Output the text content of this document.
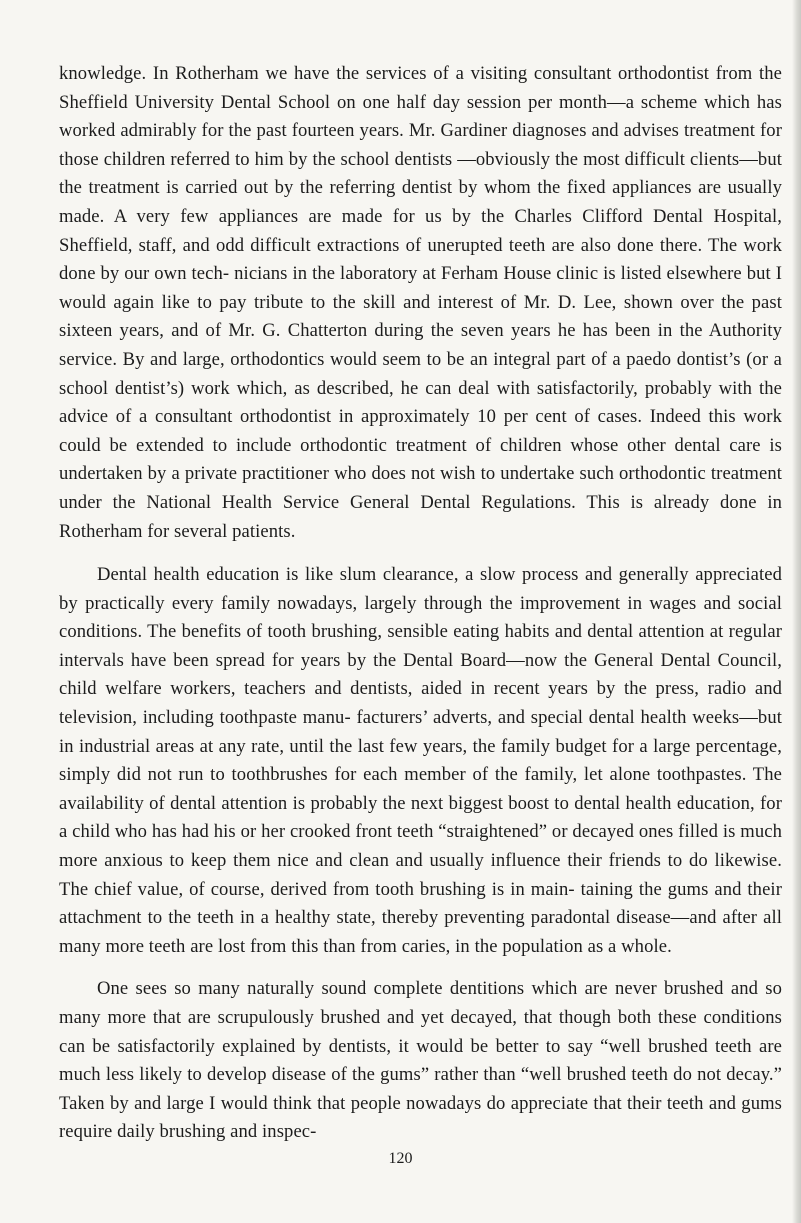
knowledge. In Rotherham we have the services of a visiting consultant orthodontist from the Sheffield University Dental School on one half day session per month—a scheme which has worked admirably for the past fourteen years. Mr. Gardiner diagnoses and advises treatment for those children referred to him by the school dentists —obviously the most difficult clients—but the treatment is carried out by the referring dentist by whom the fixed appliances are usually made. A very few appliances are made for us by the Charles Clifford Dental Hospital, Sheffield, staff, and odd difficult extractions of unerupted teeth are also done there. The work done by our own tech- nicians in the laboratory at Ferham House clinic is listed elsewhere but I would again like to pay tribute to the skill and interest of Mr. D. Lee, shown over the past sixteen years, and of Mr. G. Chatterton during the seven years he has been in the Authority service. By and large, orthodontics would seem to be an integral part of a paedo dontist’s (or a school dentist’s) work which, as described, he can deal with satisfactorily, probably with the advice of a consultant orthodontist in approximately 10 per cent of cases. Indeed this work could be extended to include orthodontic treatment of children whose other dental care is undertaken by a private practitioner who does not wish to undertake such orthodontic treatment under the National Health Service General Dental Regulations. This is already done in Rotherham for several patients.

Dental health education is like slum clearance, a slow process and generally appreciated by practically every family nowadays, largely through the improvement in wages and social conditions. The benefits of tooth brushing, sensible eating habits and dental attention at regular intervals have been spread for years by the Dental Board—now the General Dental Council, child welfare workers, teachers and dentists, aided in recent years by the press, radio and television, including toothpaste manu- facturers’ adverts, and special dental health weeks—but in industrial areas at any rate, until the last few years, the family budget for a large percentage, simply did not run to toothbrushes for each member of the family, let alone toothpastes. The availability of dental attention is probably the next biggest boost to dental health education, for a child who has had his or her crooked front teeth “straightened” or decayed ones filled is much more anxious to keep them nice and clean and usually influence their friends to do likewise. The chief value, of course, derived from tooth brushing is in main- taining the gums and their attachment to the teeth in a healthy state, thereby preventing paradontal disease—and after all many more teeth are lost from this than from caries, in the population as a whole.

One sees so many naturally sound complete dentitions which are never brushed and so many more that are scrupulously brushed and yet decayed, that though both these conditions can be satisfactorily explained by dentists, it would be better to say “well brushed teeth are much less likely to develop disease of the gums” rather than “well brushed teeth do not decay.” Taken by and large I would think that people nowadays do appreciate that their teeth and gums require daily brushing and inspec-

120
